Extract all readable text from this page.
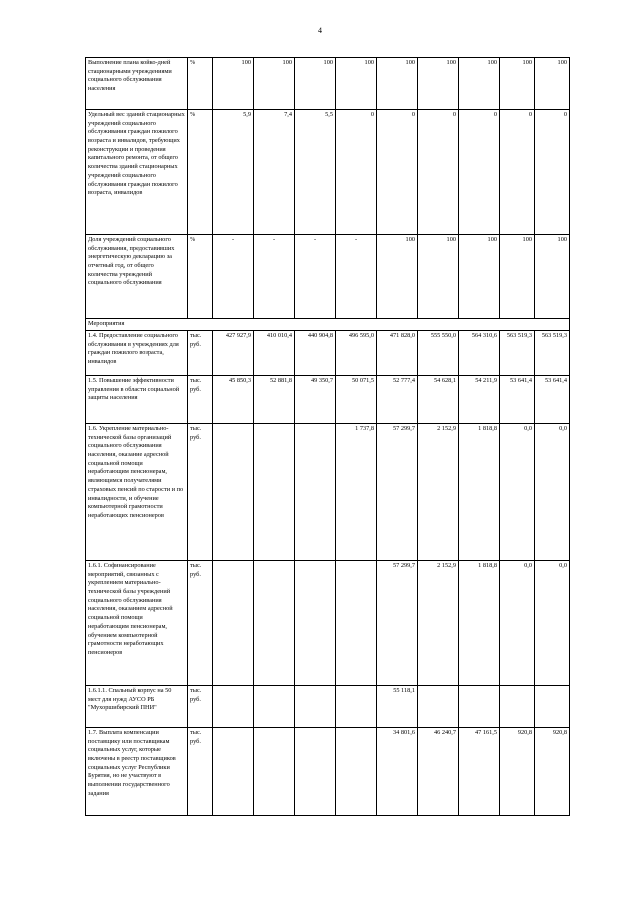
4
Выполнение плана койко-дней стационарными учреждениями социального обслуживания населения	%	100	100	100	100	100	100	100	100	100
Удельный вес зданий стационарных учреждений социального обслуживания граждан пожилого возраста и инвалидов, требующих реконструкции и проведения капитального ремонта, от общего количества зданий стационарных учреждений социального обслуживания граждан пожилого возраста, инвалидов	%	5,9	7,4	5,5	0	0	0	0	0	0
Доля учреждений социального обслуживания, предоставивших энергетическую декларацию за отчетный год, от общего количества учреждений социального обслуживания	%	-	-	-	-	100	100	100	100	100
Мероприятия										
1.4. Предоставление социального обслуживания в учреждениях для граждан пожилого возраста, инвалидов	тыс. руб.	427 927,9	410 010,4	440 904,8	496 595,0	471 828,0	555 550,0	564 310,6	563 519,3	563 519,3
1.5. Повышение эффективности управления в области социальной защиты населения	тыс. руб.	45 850,3	52 881,8	49 350,7	50 071,5	52 777,4	54 628,1	54 211,9	53 641,4	53 641,4
1.6. Укрепление материально-технической базы организаций социального обслуживания населения, оказание адресной социальной помощи неработающим пенсионерам, являющимся получателями страховых пенсий по старости и по инвалидности, и обучение компьютерной грамотности неработающих пенсионеров	тыс. руб.				1 737,8	57 299,7	2 152,9	1 818,8	0,0	0,0
1.6.1. Софинансирование мероприятий, связанных с укреплением материально-технической базы учреждений социального обслуживания населения, оказанием адресной социальной помощи неработающим пенсионерам, обучением компьютерной грамотности неработающих пенсионеров	тыс. руб.					57 299,7	2 152,9	1 818,8	0,0	0,0
1.6.1.1. Спальный корпус на 50 мест для нужд АУСО РБ "Мухоршибирский ПНИ"	тыс. руб.					55 118,1				
1.7. Выплата компенсации поставщику или поставщикам социальных услуг, которые включены в реестр поставщиков социальных услуг Республики Бурятия, но не участвуют в выполнении государственного задания	тыс. руб.					34 801,6	46 240,7	47 161,5	920,8	920,8
